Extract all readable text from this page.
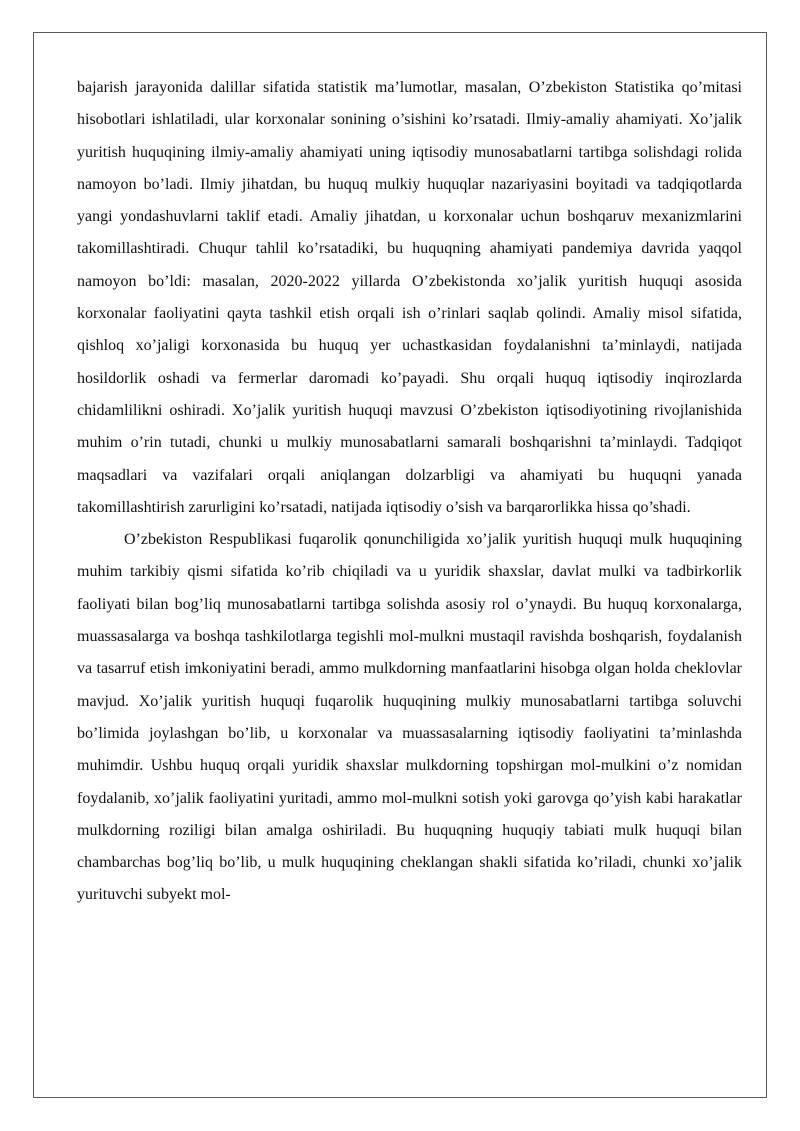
bajarish jarayonida dalillar sifatida statistik ma’lumotlar, masalan, O’zbekiston Statistika qo’mitasi hisobotlari ishlatiladi, ular korxonalar sonining o’sishini ko’rsatadi. Ilmiy-amaliy ahamiyati. Xo’jalik yuritish huquqining ilmiy-amaliy ahamiyati uning iqtisodiy munosabatlarni tartibga solishdagi rolida namoyon bo’ladi. Ilmiy jihatdan, bu huquq mulkiy huquqlar nazariyasini boyitadi va tadqiqotlarda yangi yondashuvlarni taklif etadi. Amaliy jihatdan, u korxonalar uchun boshqaruv mexanizmlarini takomillashtiradi. Chuqur tahlil ko’rsatadiki, bu huquqning ahamiyati pandemiya davrida yaqqol namoyon bo’ldi: masalan, 2020-2022 yillarda O’zbekistonda xo’jalik yuritish huquqi asosida korxonalar faoliyatini qayta tashkil etish orqali ish o’rinlari saqlab qolindi. Amaliy misol sifatida, qishloq xo’jaligi korxonasida bu huquq yer uchastkasidan foydalanishni ta’minlaydi, natijada hosildorlik oshadi va fermerlar daromadi ko’payadi. Shu orqali huquq iqtisodiy inqirozlarda chidamlilikni oshiradi. Xo’jalik yuritish huquqi mavzusi O’zbekiston iqtisodiyotining rivojlanishida muhim o’rin tutadi, chunki u mulkiy munosabatlarni samarali boshqarishni ta’minlaydi. Tadqiqot maqsadlari va vazifalari orqali aniqlangan dolzarbligi va ahamiyati bu huquqni yanada takomillashtirish zarurligini ko’rsatadi, natijada iqtisodiy o’sish va barqarorlikka hissa qo’shadi.

O’zbekiston Respublikasi fuqarolik qonunchiligida xo’jalik yuritish huquqi mulk huquqining muhim tarkibiy qismi sifatida ko’rib chiqiladi va u yuridik shaxslar, davlat mulki va tadbirkorlik faoliyati bilan bog’liq munosabatlarni tartibga solishda asosiy rol o’ynaydi. Bu huquq korxonalarga, muassasalarga va boshqa tashkilotlarga tegishli mol-mulkni mustaqil ravishda boshqarish, foydalanish va tasarruf etish imkoniyatini beradi, ammo mulkdorning manfaatlarini hisobga olgan holda cheklovlar mavjud. Xo’jalik yuritish huquqi fuqarolik huquqining mulkiy munosabatlarni tartibga soluvchi bo’limida joylashgan bo’lib, u korxonalar va muassasalarning iqtisodiy faoliyatini ta’minlashda muhimdir. Ushbu huquq orqali yuridik shaxslar mulkdorning topshirgan mol-mulkini o’z nomidan foydalanib, xo’jalik faoliyatini yuritadi, ammo mol-mulkni sotish yoki garovga qo’yish kabi harakatlar mulkdorning roziligi bilan amalga oshiriladi. Bu huquqning huquqiy tabiati mulk huquqi bilan chambarchas bog’liq bo’lib, u mulk huquqining cheklangan shakli sifatida ko’riladi, chunki xo’jalik yurituvchi subyekt mol-
